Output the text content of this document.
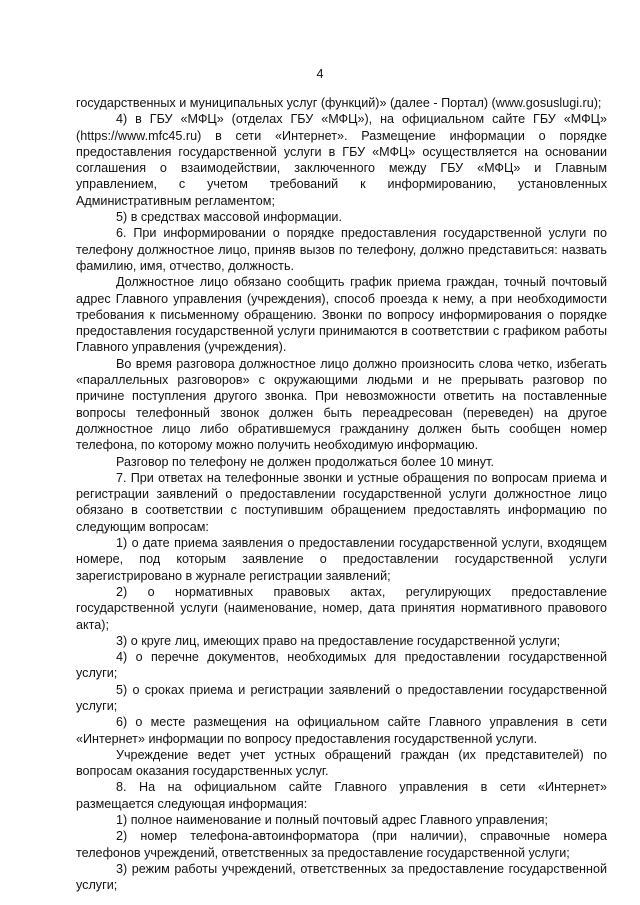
4

государственных и муниципальных услуг (функций)» (далее - Портал) (www.gosuslugi.ru);

4) в ГБУ «МФЦ» (отделах ГБУ «МФЦ»), на официальном сайте ГБУ «МФЦ» (https://www.mfc45.ru) в сети «Интернет». Размещение информации о порядке предоставления государственной услуги в ГБУ «МФЦ» осуществляется на основании соглашения о взаимодействии, заключенного между ГБУ «МФЦ» и Главным управлением, с учетом требований к информированию, установленных Административным регламентом;

5) в средствах массовой информации.

6. При информировании о порядке предоставления государственной услуги по телефону должностное лицо, приняв вызов по телефону, должно представиться: назвать фамилию, имя, отчество, должность.

Должностное лицо обязано сообщить график приема граждан, точный почтовый адрес Главного управления (учреждения), способ проезда к нему, а при необходимости требования к письменному обращению. Звонки по вопросу информирования о порядке предоставления государственной услуги принимаются в соответствии с графиком работы Главного управления (учреждения).

Во время разговора должностное лицо должно произносить слова четко, избегать «параллельных разговоров» с окружающими людьми и не прерывать разговор по причине поступления другого звонка. При невозможности ответить на поставленные вопросы телефонный звонок должен быть переадресован (переведен) на другое должностное лицо либо обратившемуся гражданину должен быть сообщен номер телефона, по которому можно получить необходимую информацию.

Разговор по телефону не должен продолжаться более 10 минут.

7. При ответах на телефонные звонки и устные обращения по вопросам приема и регистрации заявлений о предоставлении государственной услуги должностное лицо обязано в соответствии с поступившим обращением предоставлять информацию по следующим вопросам:

1) о дате приема заявления о предоставлении государственной услуги, входящем номере, под которым заявление о предоставлении государственной услуги зарегистрировано в журнале регистрации заявлений;

2) о нормативных правовых актах, регулирующих предоставление государственной услуги (наименование, номер, дата принятия нормативного правового акта);

3) о круге лиц, имеющих право на предоставление государственной услуги;

4) о перечне документов, необходимых для предоставлении государственной услуги;

5) о сроках приема и регистрации заявлений о предоставлении государственной услуги;

6) о месте размещения на официальном сайте Главного управления в сети «Интернет» информации по вопросу предоставления государственной услуги.

Учреждение ведет учет устных обращений граждан (их представителей) по вопросам оказания государственных услуг.

8. На на официальном сайте Главного управления в сети «Интернет» размещается следующая информация:

1) полное наименование и полный почтовый адрес Главного управления;

2) номер телефона-автоинформатора (при наличии), справочные номера телефонов учреждений, ответственных за предоставление государственной услуги;

3) режим работы учреждений, ответственных за предоставление государственной услуги;
